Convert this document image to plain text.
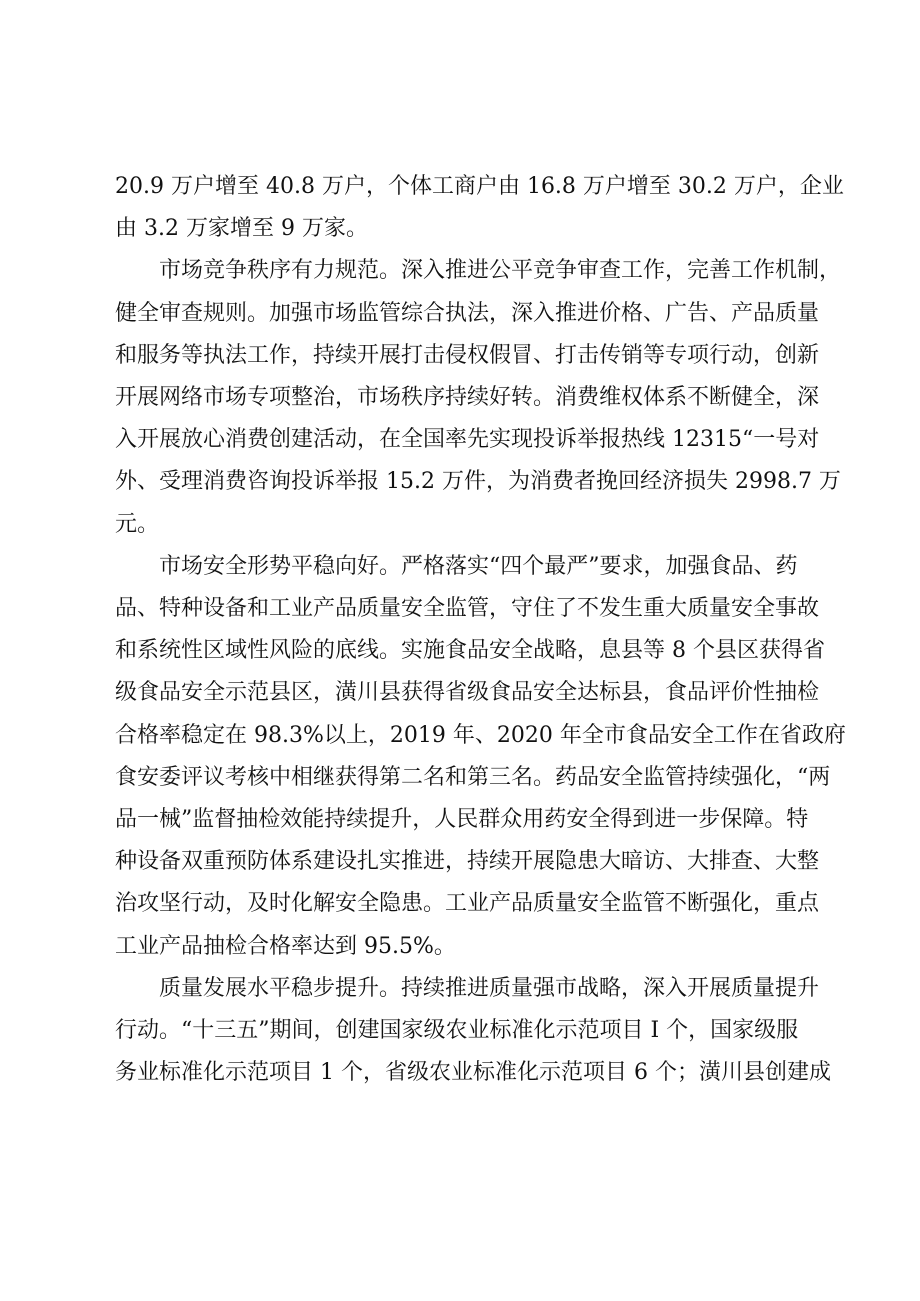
20.9 万户增至 40.8 万户，个体工商户由 16.8 万户增至 30.2 万户，企业
由 3.2 万家增至 9 万家。

市场竞争秩序有力规范。深入推进公平竞争审查工作，完善工作机制，
健全审查规则。加强市场监管综合执法，深入推进价格、广告、产品质量
和服务等执法工作，持续开展打击侵权假冒、打击传销等专项行动，创新
开展网络市场专项整治，市场秩序持续好转。消费维权体系不断健全，深
入开展放心消费创建活动，在全国率先实现投诉举报热线 12315“一号对
外、受理消费咨询投诉举报 15.2 万件，为消费者挽回经济损失 2998.7 万
元。

市场安全形势平稳向好。严格落实“四个最严”要求，加强食品、药
品、特种设备和工业产品质量安全监管，守住了不发生重大质量安全事故
和系统性区域性风险的底线。实施食品安全战略，息县等 8 个县区获得省
级食品安全示范县区，潢川县获得省级食品安全达标县，食品评价性抽检
合格率稳定在 98.3%以上，2019 年、2020 年全市食品安全工作在省政府
食安委评议考核中相继获得第二名和第三名。药品安全监管持续强化，“两
品一械”监督抽检效能持续提升，人民群众用药安全得到进一步保障。特
种设备双重预防体系建设扎实推进，持续开展隐患大暗访、大排查、大整
治攻坚行动，及时化解安全隐患。工业产品质量安全监管不断强化，重点
工业产品抽检合格率达到 95.5%。

质量发展水平稳步提升。持续推进质量强市战略，深入开展质量提升
行动。“十三五”期间，创建国家级农业标准化示范项目 I 个，国家级服
务业标准化示范项目 1 个，省级农业标准化示范项目 6 个；潢川县创建成
